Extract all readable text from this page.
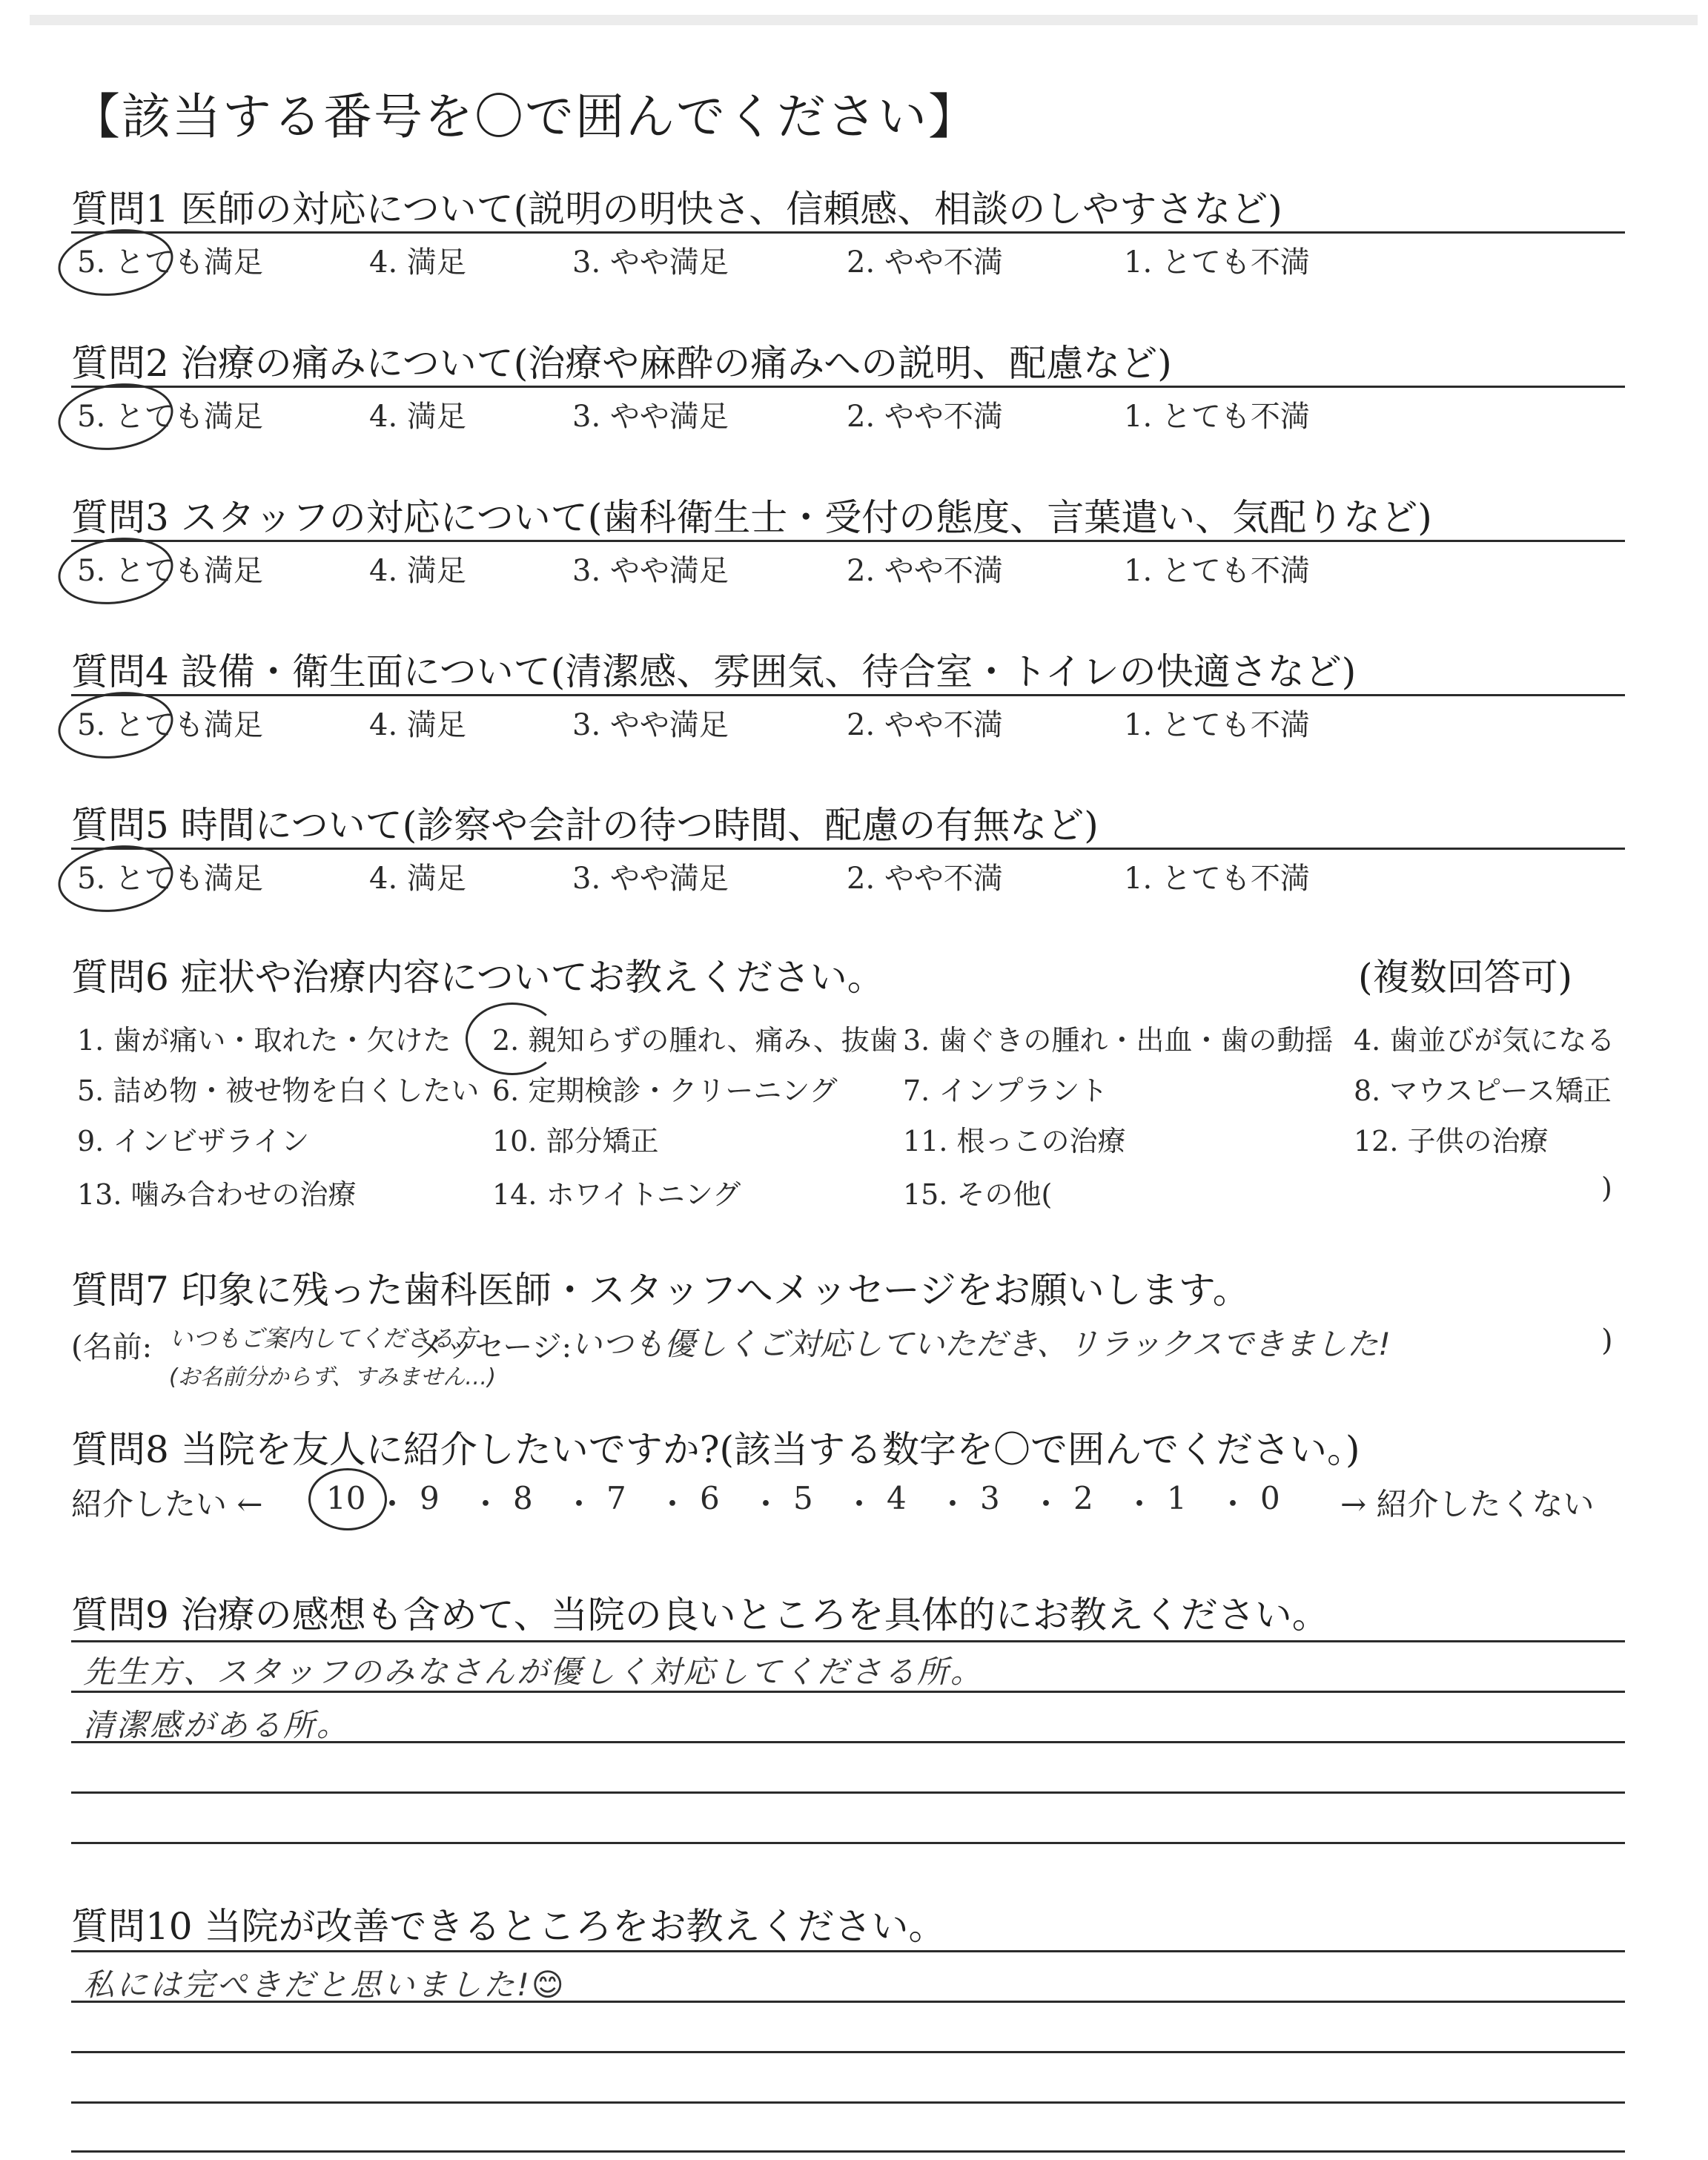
【該当する番号を〇で囲んでください】
質問1 医師の対応について(説明の明快さ、信頼感、相談のしやすさなど)
5. とても満足	4. 満足	3. やや満足	2. やや不満	1. とても不満
質問2 治療の痛みについて(治療や麻酔の痛みへの説明、配慮など)
5. とても満足	4. 満足	3. やや満足	2. やや不満	1. とても不満
質問3 スタッフの対応について(歯科衛生士・受付の態度、言葉遣い、気配りなど)
5. とても満足	4. 満足	3. やや満足	2. やや不満	1. とても不満
質問4 設備・衛生面について(清潔感、雰囲気、待合室・トイレの快適さなど)
5. とても満足	4. 満足	3. やや満足	2. やや不満	1. とても不満
質問5 時間について(診察や会計の待つ時間、配慮の有無など)
5. とても満足	4. 満足	3. やや満足	2. やや不満	1. とても不満
質問6 症状や治療内容についてお教えください。	(複数回答可)
1. 歯が痛い・取れた・欠けた 2. 親知らずの腫れ、痛み、抜歯 3. 歯ぐきの腫れ・出血・歯の動揺 4. 歯並びが気になる
5. 詰め物・被せ物を白くしたい 6. 定期検診・クリーニング 7. インプラント	8. マウスピース矯正
9. インビザライン	10. 部分矯正	11. 根っこの治療	12. 子供の治療
13. 噛み合わせの治療	14. ホワイトニング	15. その他(	)
質問7 印象に残った歯科医師・スタッフへメッセージをお願いします。
(名前: いつもご案内してくださる方
(お名前分からず、すみません…)
メッセージ:
いつも優しくご対応していただき、リラックスできました!	)
質問8 当院を友人に紹介したいですか?(該当する数字を〇で囲んでください。)
紹介したい ← 10 ・ 9 ・ 8 ・ 7 ・ 6 ・ 5 ・ 4 ・ 3 ・ 2 ・ 1 ・ 0 → 紹介したくない
質問9 治療の感想も含めて、当院の良いところを具体的にお教えください。
先生方、スタッフのみなさんが優しく対応してくださる所。
清潔感がある所。
質問10 当院が改善できるところをお教えください。
私には完ぺきだと思いました!😊
